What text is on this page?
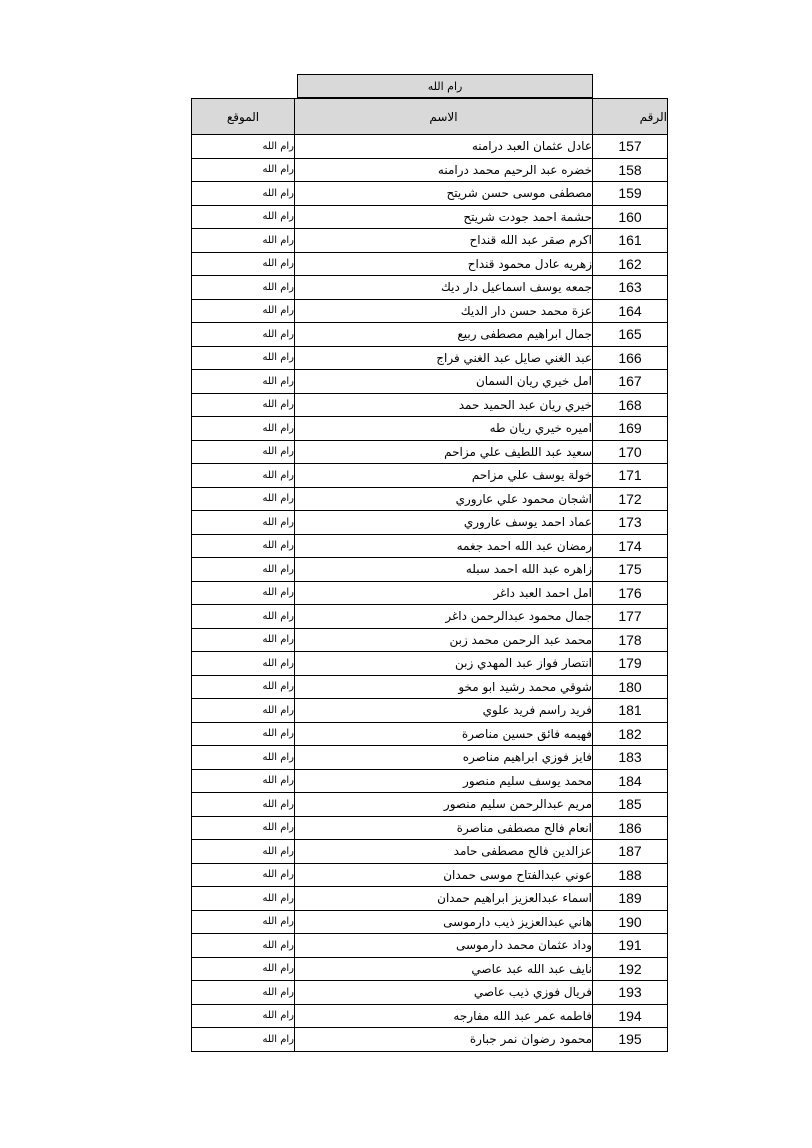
رام الله
الرقم	الاسم	الموقع
157	عادل عثمان العبد درامنه	رام الله
158	خضره عبد الرحيم محمد درامنه	رام الله
159	مصطفى موسى حسن شريتح	رام الله
160	حشمة احمد جودت شريتح	رام الله
161	اكرم صقر عبد الله قنداح	رام الله
162	زهريه عادل محمود قنداح	رام الله
163	جمعه يوسف اسماعيل دار ديك	رام الله
164	عزة محمد حسن دار الديك	رام الله
165	جمال ابراهيم مصطفى ربيع	رام الله
166	عبد الغني صايل عبد الغني فراج	رام الله
167	امل خيري ريان السمان	رام الله
168	خيري ريان عبد الحميد حمد	رام الله
169	اميره خيري ريان طه	رام الله
170	سعيد عبد اللطيف علي مزاحم	رام الله
171	خولة يوسف علي مزاحم	رام الله
172	اشجان محمود علي عاروري	رام الله
173	عماد احمد يوسف عاروري	رام الله
174	رمضان عبد الله احمد جغمه	رام الله
175	زاهره عبد الله احمد سبله	رام الله
176	امل احمد العبد داغر	رام الله
177	جمال محمود عبدالرحمن داغر	رام الله
178	محمد عبد الرحمن محمد زبن	رام الله
179	انتصار فواز عبد المهدي زبن	رام الله
180	شوقي محمد رشيد ابو مخو	رام الله
181	فريد راسم فريد علوي	رام الله
182	فهيمه فائق حسين مناصرة	رام الله
183	فايز فوزي ابراهيم مناصره	رام الله
184	محمد يوسف سليم منصور	رام الله
185	مريم عبدالرحمن سليم منصور	رام الله
186	انعام فالح مصطفى مناصرة	رام الله
187	عزالدين فالح مصطفى حامد	رام الله
188	عوني عبدالفتاح موسى حمدان	رام الله
189	اسماء عبدالعزيز ابراهيم حمدان	رام الله
190	هاني عبدالعزيز ذيب دارموسى	رام الله
191	وداد عثمان محمد دارموسى	رام الله
192	نايف عبد الله عبد عاصي	رام الله
193	فريال فوزي ذيب عاصي	رام الله
194	فاطمه عمر عبد الله مفارجه	رام الله
195	محمود رضوان نمر جبارة	رام الله
